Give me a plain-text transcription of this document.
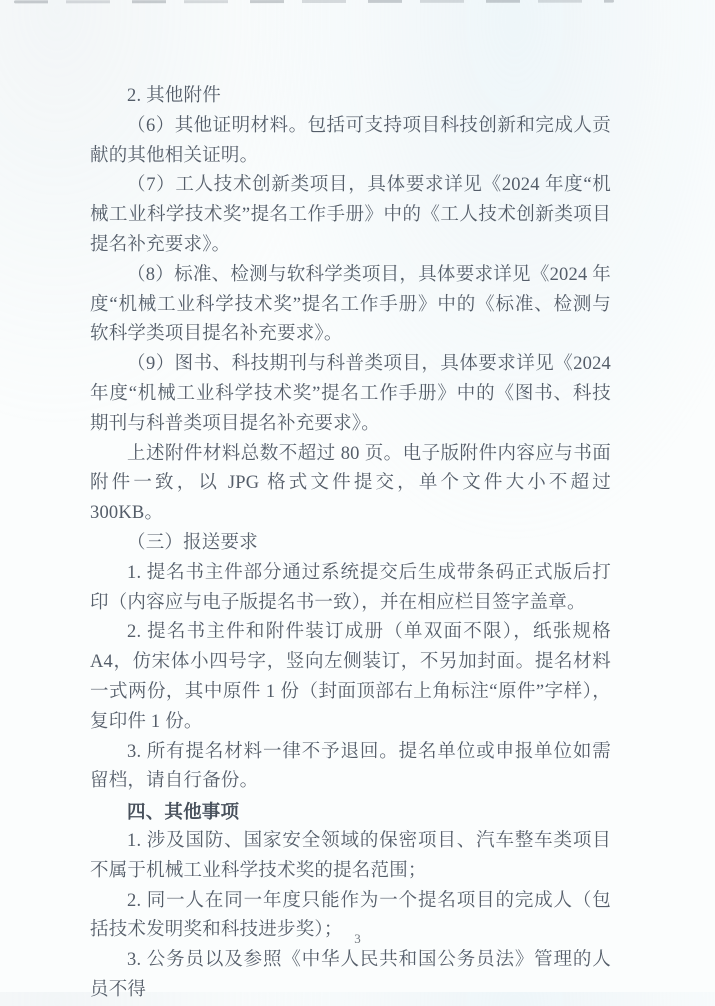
2. 其他附件

（6）其他证明材料。包括可支持项目科技创新和完成人贡献的其他相关证明。

（7）工人技术创新类项目，具体要求详见《2024 年度“机械工业科学技术奖”提名工作手册》中的《工人技术创新类项目提名补充要求》。

（8）标准、检测与软科学类项目，具体要求详见《2024 年度“机械工业科学技术奖”提名工作手册》中的《标准、检测与软科学类项目提名补充要求》。

（9）图书、科技期刊与科普类项目，具体要求详见《2024 年度“机械工业科学技术奖”提名工作手册》中的《图书、科技期刊与科普类项目提名补充要求》。

上述附件材料总数不超过 80 页。电子版附件内容应与书面附件一致，以 JPG 格式文件提交，单个文件大小不超过 300KB。

（三）报送要求

1. 提名书主件部分通过系统提交后生成带条码正式版后打印（内容应与电子版提名书一致），并在相应栏目签字盖章。

2. 提名书主件和附件装订成册（单双面不限），纸张规格 A4，仿宋体小四号字，竖向左侧装订，不另加封面。提名材料一式两份，其中原件 1 份（封面顶部右上角标注“原件”字样），复印件 1 份。

3. 所有提名材料一律不予退回。提名单位或申报单位如需留档，请自行备份。

四、其他事项

1. 涉及国防、国家安全领域的保密项目、汽车整车类项目不属于机械工业科学技术奖的提名范围；

2. 同一人在同一年度只能作为一个提名项目的完成人（包括技术发明奖和科技进步奖）；

3. 公务员以及参照《中华人民共和国公务员法》管理的人员不得

3
